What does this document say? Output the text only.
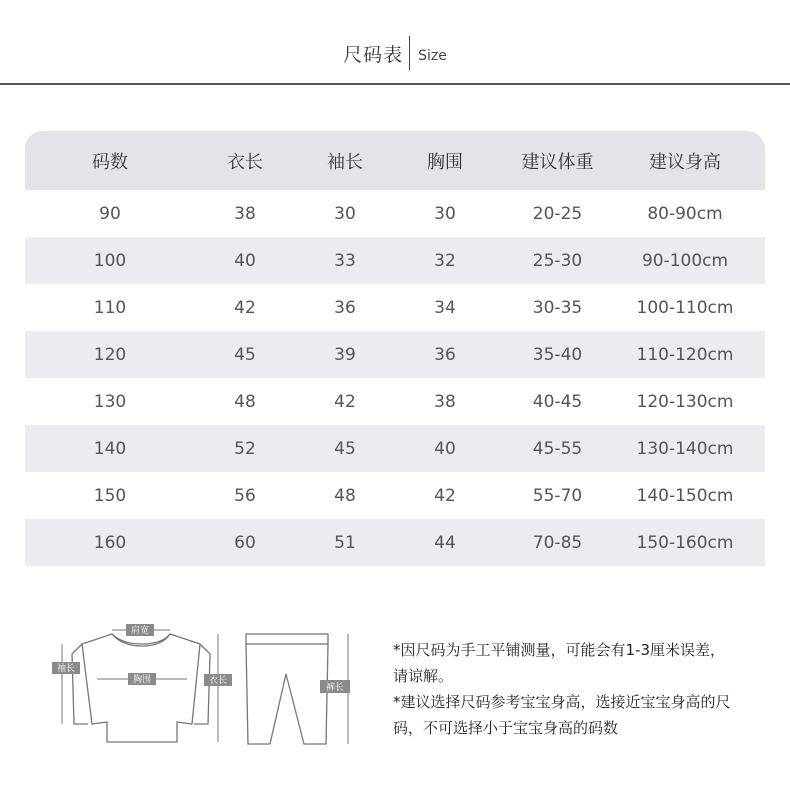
尺码表 Size
码数	衣长	袖长	胸围	建议体重	建议身高
90	38	30	30	20-25	80-90cm
100	40	33	32	25-30	90-100cm
110	42	36	34	30-35	100-110cm
120	45	39	36	35-40	110-120cm
130	48	42	38	40-45	120-130cm
140	52	45	40	45-55	130-140cm
150	56	48	42	55-70	140-150cm
160	60	51	44	70-85	150-160cm
肩宽
袖长
胸围	衣长
裤长

*因尺码为手工平铺测量，可能会有1-3厘米误差，请谅解。

*建议选择尺码参考宝宝身高，选接近宝宝身高的尺码，不可选择小于宝宝身高的码数
